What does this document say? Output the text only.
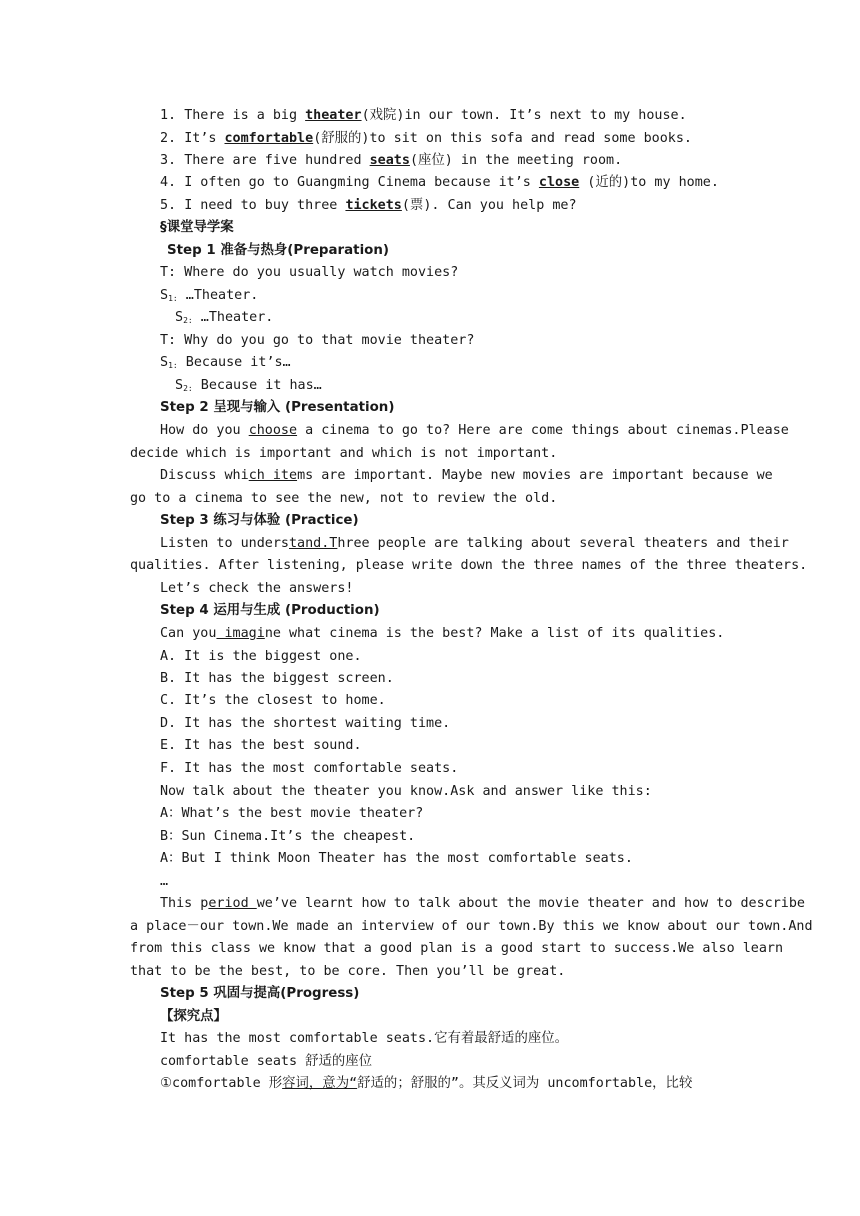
1. There is a big theater(戏院)in our town. It’s next to my house.
2. It’s comfortable(舒服的)to sit on this sofa and read some books.
3. There are five hundred seats(座位) in the meeting room.
4. I often go to Guangming Cinema because it’s close (近的)to my home.
5. I need to buy three tickets(票). Can you help me?
§课堂导学案
Step 1 准备与热身(Preparation)
T: Where do you usually watch movies?
$S_{1:}$ …Theater.
$S_{2:}$ …Theater.
T: Why do you go to that movie theater?
$S_{1:}$ Because it’s…
$S_{2:}$ Because it has…
Step 2 呈现与输入 (Presentation)
How do you choose a cinema to go to? Here are come things about cinemas.Please
decide which is important and which is not important.
Discuss which items are important. Maybe new movies are important because we
go to a cinema to see the new, not to review the old.
Step 3 练习与体验 (Practice)
Listen to understand.Three people are talking about several theaters and their
qualities. After listening, please write down the three names of the three theaters.
Let’s check the answers!
Step 4 运用与生成 (Production)
Can you imagine what cinema is the best? Make a list of its qualities.
A. It is the biggest one.
B. It has the biggest screen.
C. It’s the closest to home.
D. It has the shortest waiting time.
E. It has the best sound.
F. It has the most comfortable seats.
Now talk about the theater you know.Ask and answer like this:
A：What’s the best movie theater?
B：Sun Cinema.It’s the cheapest.
A：But I think Moon Theater has the most comfortable seats.
…
This period we’ve learnt how to talk about the movie theater and how to describe
a place－our town.We made an interview of our town.By this we know about our town.And
from this class we know that a good plan is a good start to success.We also learn
that to be the best, to be core. Then you’ll be great.
Step 5 巩固与提高(Progress)
【探究点】
It has the most comfortable seats.它有着最舒适的座位。
comfortable seats 舒适的座位
①comfortable 形容词，意为“舒适的；舒服的”。其反义词为 uncomfortable，比较
